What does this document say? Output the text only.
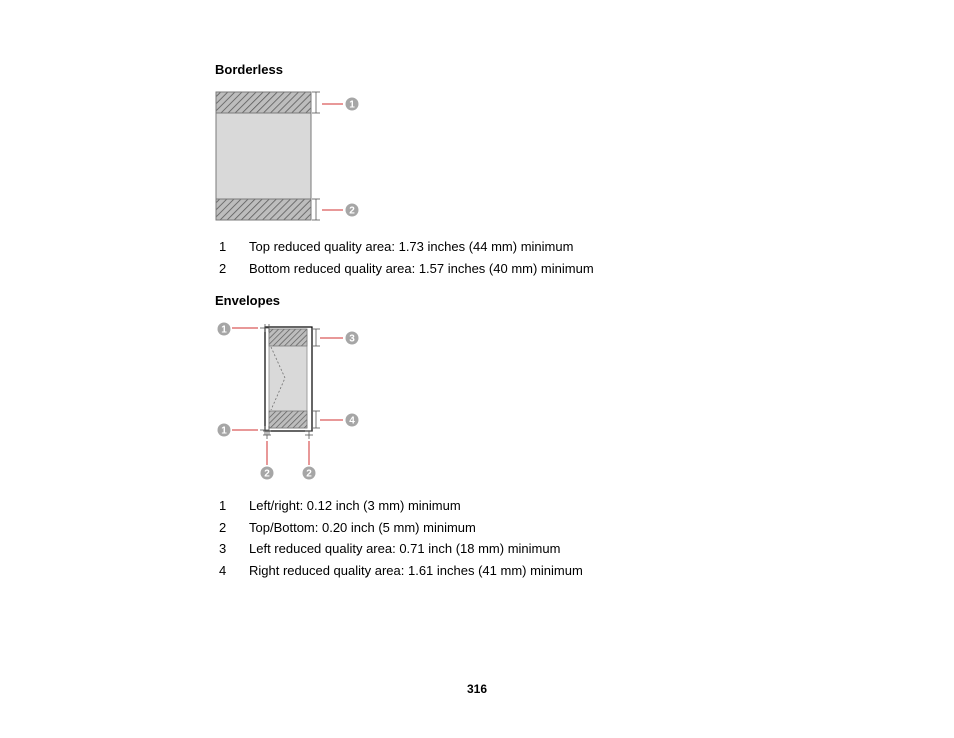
Borderless
1
2
1	Top reduced quality area: 1.73 inches (44 mm) minimum
2	Bottom reduced quality area: 1.57 inches (40 mm) minimum
Envelopes
1
1
2	2
3
4
1	Left/right: 0.12 inch (3 mm) minimum
2	Top/Bottom: 0.20 inch (5 mm) minimum
3	Left reduced quality area: 0.71 inch (18 mm) minimum
4	Right reduced quality area: 1.61 inches (41 mm) minimum

316
